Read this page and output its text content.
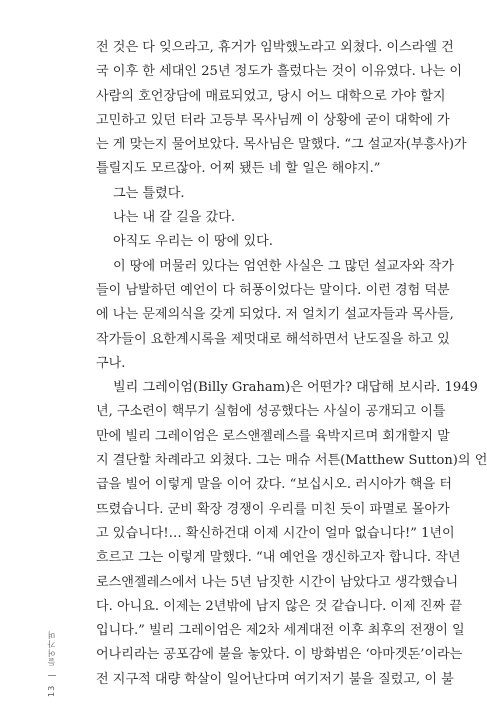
전 것은 다 잊으라고, 휴거가 임박했노라고 외쳤다. 이스라엘 건
국 이후 한 세대인 25년 정도가 흘렀다는 것이 이유였다. 나는 이
사람의 호언장담에 매료되었고, 당시 어느 대학으로 가야 할지
고민하고 있던 터라 고등부 목사님께 이 상황에 굳이 대학에 가
는 게 맞는지 물어보았다. 목사님은 말했다. “그 설교자(부흥사)가
틀릴지도 모르잖아. 어찌 됐든 네 할 일은 해야지.”
그는 틀렸다.
나는 내 갈 길을 갔다.
아직도 우리는 이 땅에 있다.
이 땅에 머물러 있다는 엄연한 사실은 그 많던 설교자와 작가
들이 남발하던 예언이 다 허풍이었다는 말이다. 이런 경험 덕분
에 나는 문제의식을 갖게 되었다. 저 얼치기 설교자들과 목사들,
작가들이 요한계시록을 제멋대로 해석하면서 난도질을 하고 있
구나.
빌리 그레이엄(Billy Graham)은 어떤가? 대답해 보시라. 1949
년, 구소련이 핵무기 실험에 성공했다는 사실이 공개되고 이틀
만에 빌리 그레이엄은 로스앤젤레스를 육박지르며 회개할지 말
지 결단할 차례라고 외쳤다. 그는 매슈 서튼(Matthew Sutton)의 언
급을 빌어 이렇게 말을 이어 갔다. “보십시오. 러시아가 핵을 터
뜨렸습니다. 군비 확장 경쟁이 우리를 미친 듯이 파멸로 몰아가
고 있습니다!… 확신하건대 이제 시간이 얼마 없습니다!” 1년이
흐르고 그는 이렇게 말했다. “내 예언을 갱신하고자 합니다. 작년
로스앤젤레스에서 나는 5년 남짓한 시간이 남았다고 생각했습니
다. 아니요. 이제는 2년밖에 남지 않은 것 같습니다. 이제 진짜 끝
입니다.” 빌리 그레이엄은 제2차 세계대전 이후 최후의 전쟁이 일
어나리라는 공포감에 불을 놓았다. 이 방화범은 ‘아마겟돈’이라는
전 지구적 대량 학살이 일어난다며 여기저기 불을 질렀고, 이 불
13 | 들어가며
